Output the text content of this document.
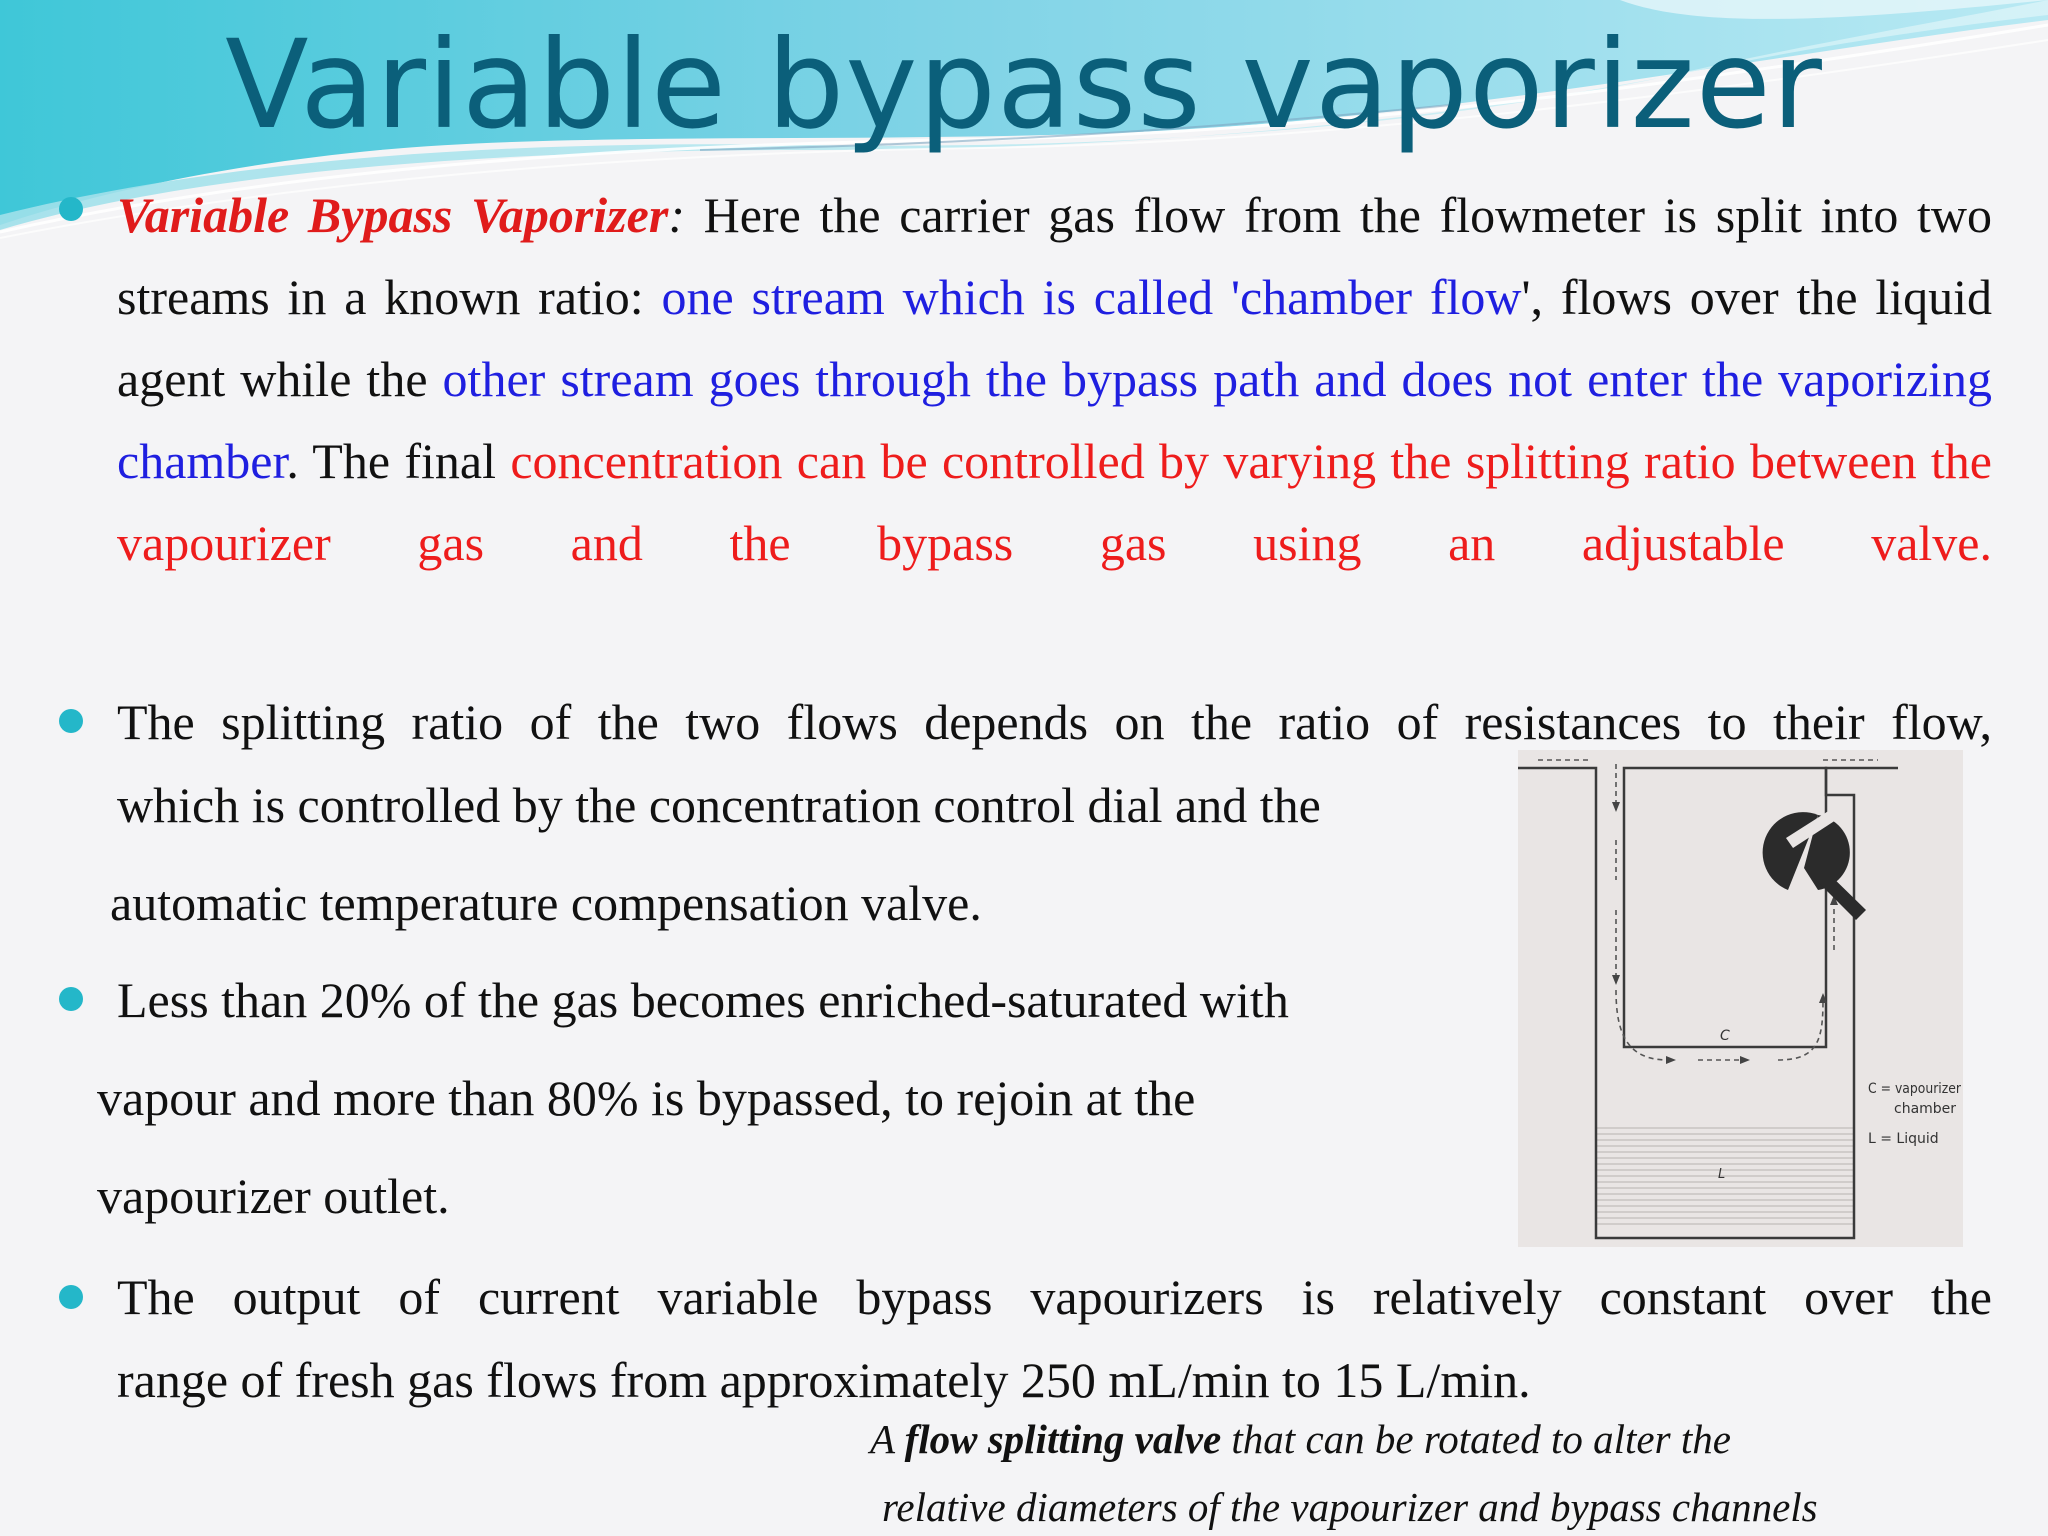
Variable bypass vaporizer
Variable Bypass Vaporizer: Here the carrier gas flow from the flowmeter is split into two streams in a known ratio: one stream which is called 'chamber flow', flows over the liquid agent while the other stream goes through the bypass path and does not enter the vaporizing chamber. The final concentration can be controlled by varying the splitting ratio between the vapourizer gas and the bypass gas using an adjustable valve.
The splitting ratio of the two flows depends on the ratio of resistances to their flow,
which is controlled by the concentration control dial and the
automatic temperature compensation valve.
Less than 20% of the gas becomes enriched-saturated with
vapour and more than 80% is bypassed, to rejoin at the
vapourizer outlet.
C
L
C = vapourizer
chamber
L = Liquid
The output of current variable bypass vapourizers is relatively constant over the
range of fresh gas flows from approximately 250 mL/min to 15 L/min.
A flow splitting valve that can be rotated to alter the
relative diameters of the vapourizer and bypass channels
